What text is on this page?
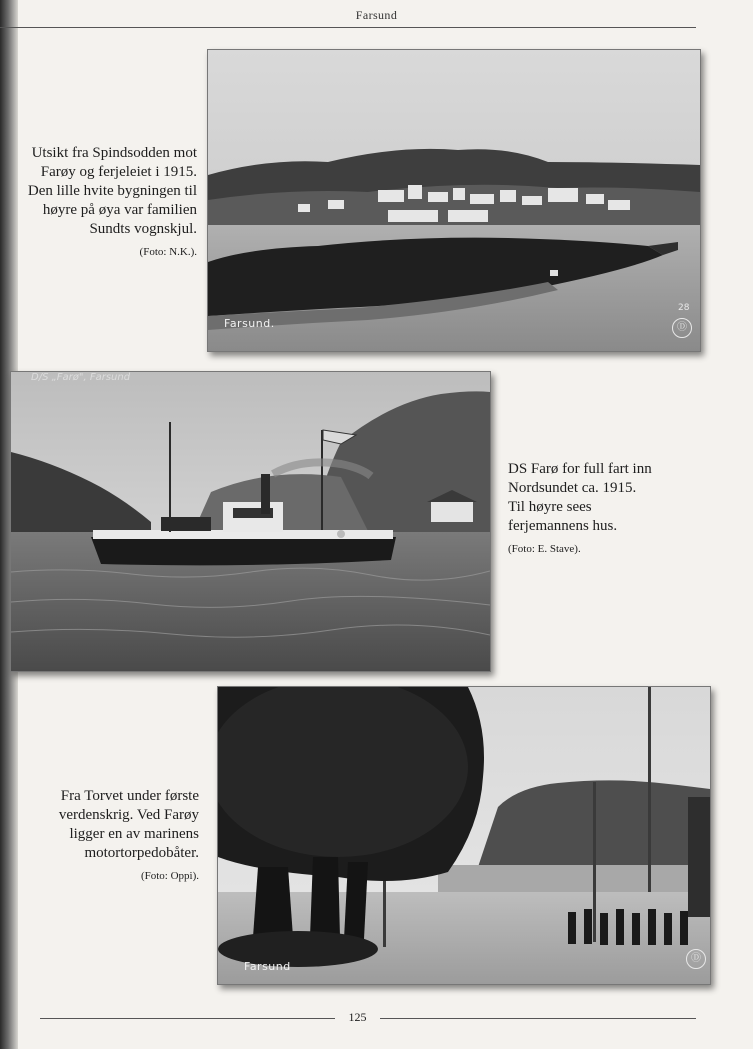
Farsund
Farsund.
28
Ⓓ
Utsikt fra Spindsodden mot
Farøy og ferjeleiet i 1915.
Den lille hvite bygningen til
høyre på øya var familien
Sundts vognskjul.
(Foto: N.K.).
D/S „Farø", Farsund
DS Farø for full fart inn
Nordsundet ca. 1915.
Til høyre sees
ferjemannens hus.
(Foto: E. Stave).
Farsund
Ⓓ
Fra Torvet under første
verdenskrig. Ved Farøy
ligger en av marinens
motortorpedobåter.
(Foto: Oppi).
125
